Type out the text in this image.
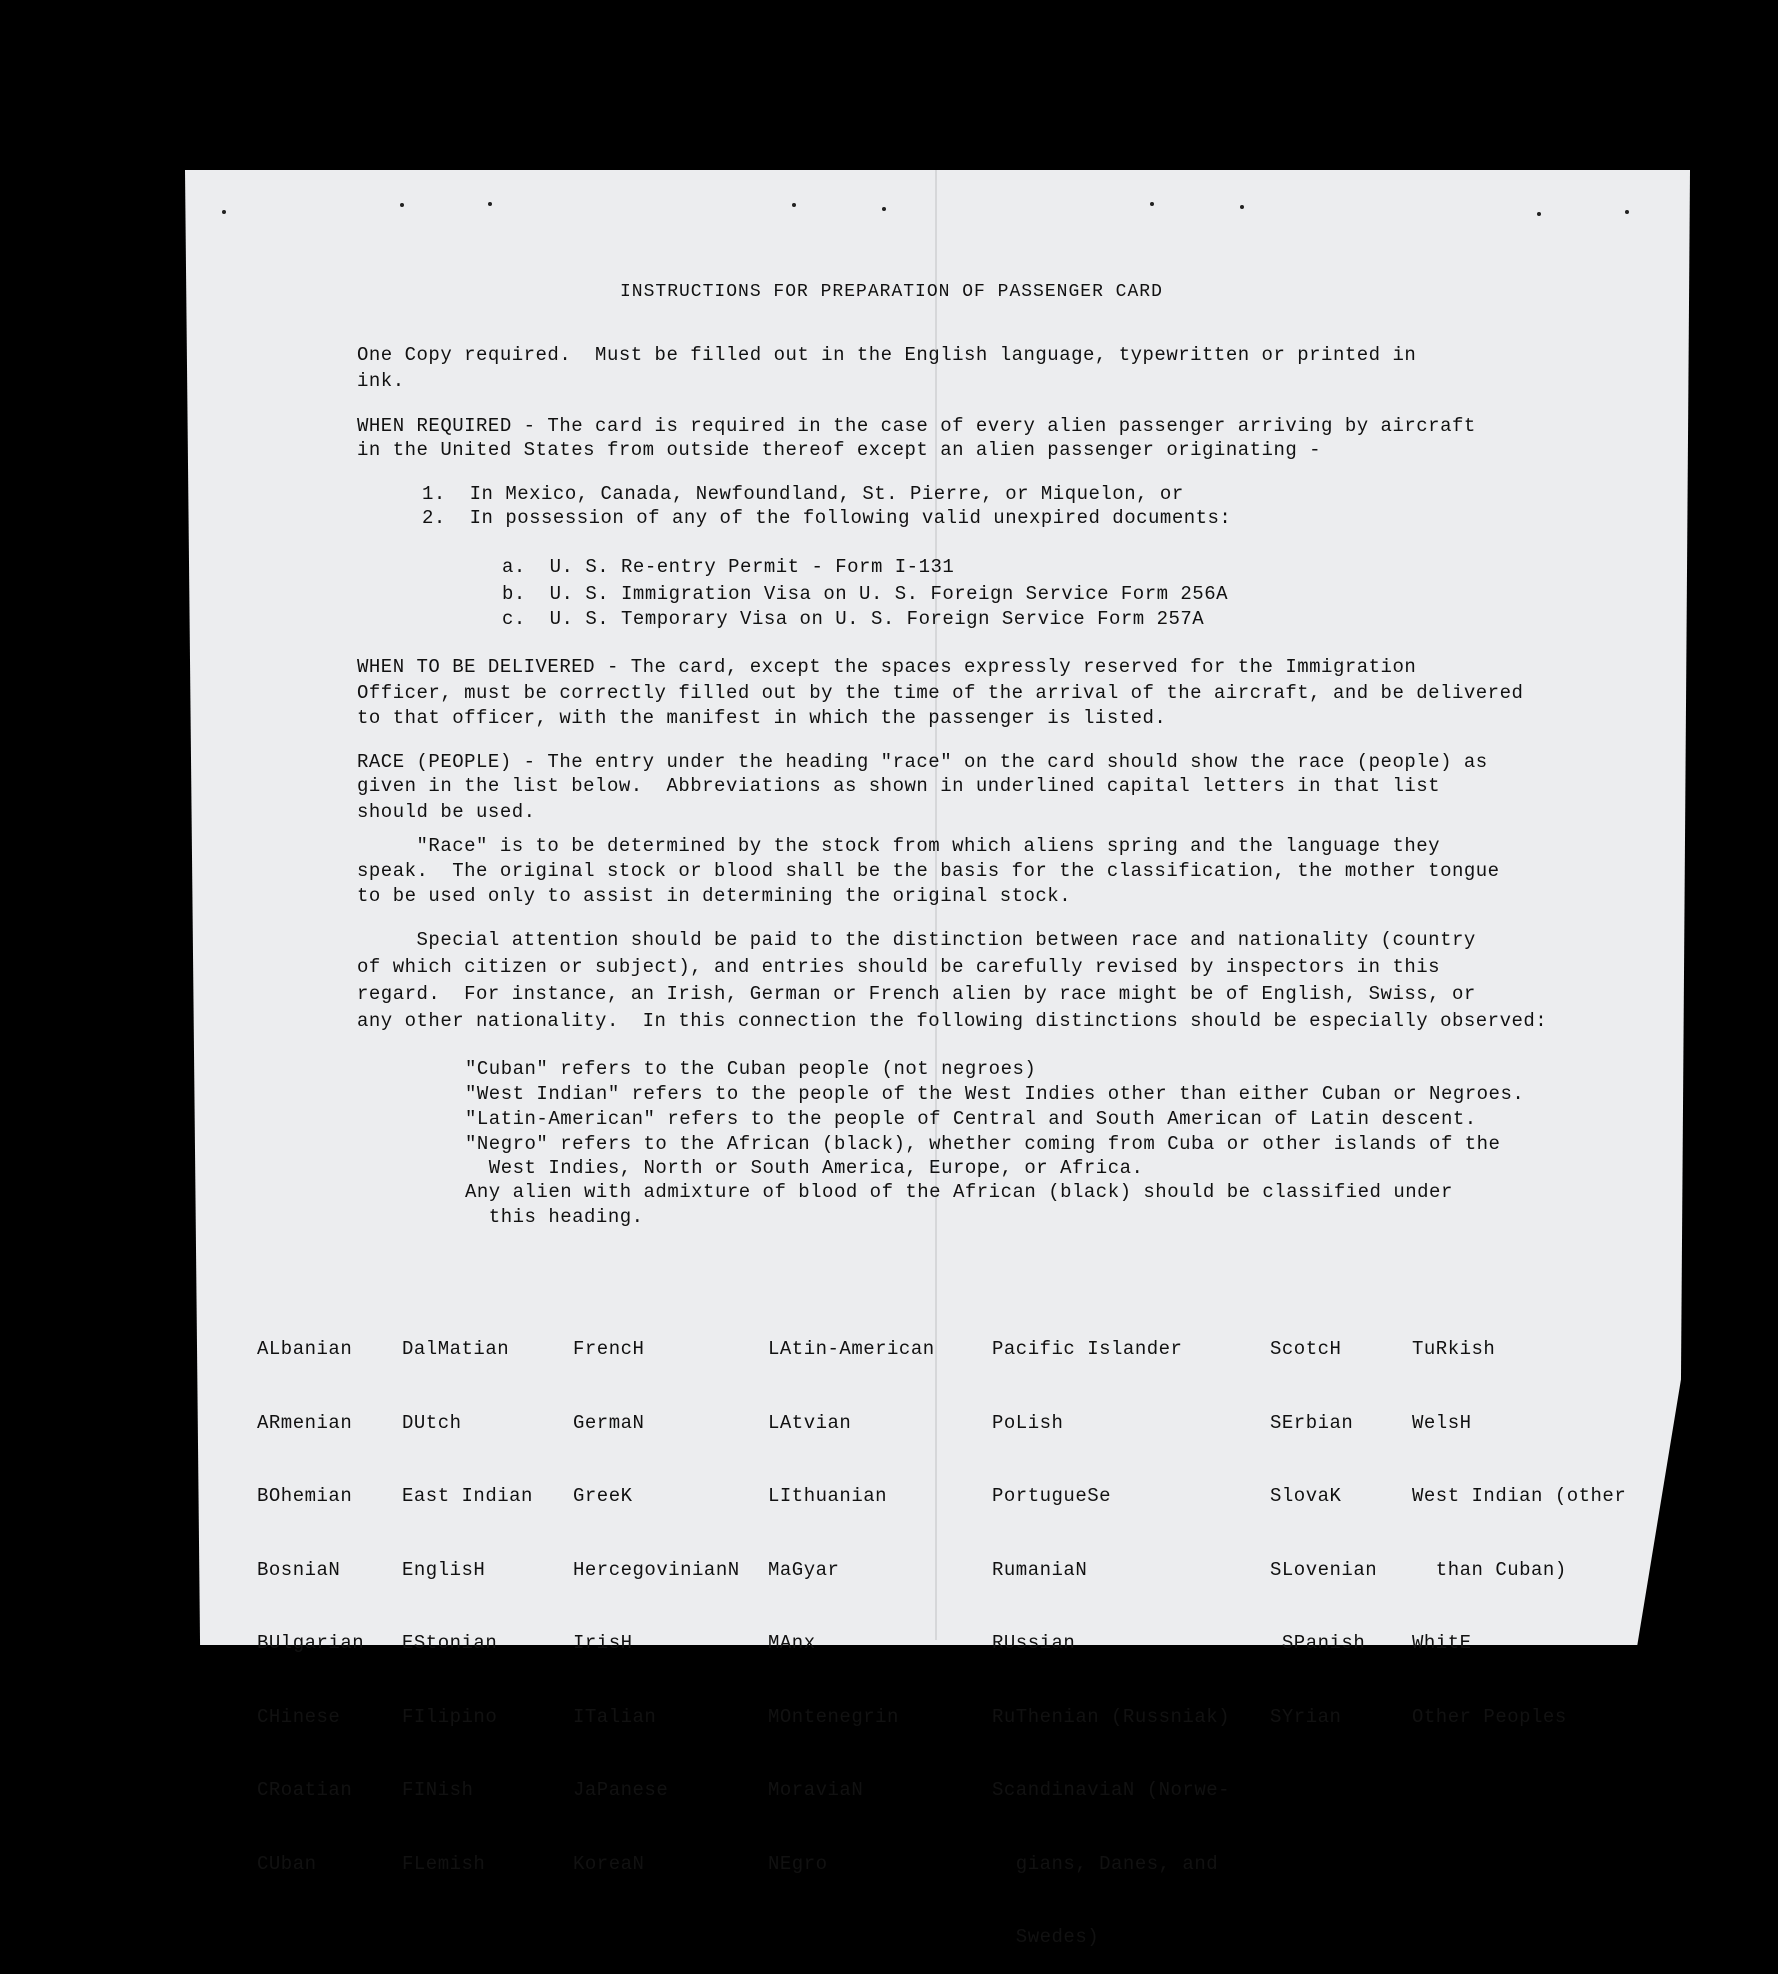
INSTRUCTIONS FOR PREPARATION OF PASSENGER CARD
One Copy required.  Must be filled out in the English language, typewritten or printed in
ink.
WHEN REQUIRED - The card is required in the case of every alien passenger arriving by aircraft
in the United States from outside thereof except an alien passenger originating -
1.  In Mexico, Canada, Newfoundland, St. Pierre, or Miquelon, or
2.  In possession of any of the following valid unexpired documents:
a.  U. S. Re-entry Permit - Form I-131
b.  U. S. Immigration Visa on U. S. Foreign Service Form 256A
c.  U. S. Temporary Visa on U. S. Foreign Service Form 257A
WHEN TO BE DELIVERED - The card, except the spaces expressly reserved for the Immigration
Officer, must be correctly filled out by the time of the arrival of the aircraft, and be delivered
to that officer, with the manifest in which the passenger is listed.
RACE (PEOPLE) - The entry under the heading "race" on the card should show the race (people) as
given in the list below.  Abbreviations as shown in underlined capital letters in that list
should be used.
"Race" is to be determined by the stock from which aliens spring and the language they
speak.  The original stock or blood shall be the basis for the classification, the mother tongue
to be used only to assist in determining the original stock.
Special attention should be paid to the distinction between race and nationality (country
of which citizen or subject), and entries should be carefully revised by inspectors in this
regard.  For instance, an Irish, German or French alien by race might be of English, Swiss, or
any other nationality.  In this connection the following distinctions should be especially observed:
"Cuban" refers to the Cuban people (not negroes)
"West Indian" refers to the people of the West Indies other than either Cuban or Negroes.
"Latin-American" refers to the people of Central and South American of Latin descent.
"Negro" refers to the African (black), whether coming from Cuba or other islands of the
West Indies, North or South America, Europe, or Africa.
Any alien with admixture of blood of the African (black) should be classified under
this heading.

ALbanian

ARmenian

BOhemian

BosniaN

BUlgarian

CHinese

CRoatian

CUban

DalMatian

DUtch

East Indian

EnglisH

EStonian

FIlipino

FINish

FLemish

FrencH

GermaN

GreeK

HercegovinianN

IrisH

ITalian

JaPanese

KoreaN

LAtin-American

LAtvian

LIthuanian

MaGyar

MAnx

MOntenegrin

MoraviaN

NEgro

Pacific Islander

PoLish

PortugueSe

RumaniaN

RUssian

RuThenian (Russniak)

ScandinaviaN (Norwe-

gians, Danes, and

Swedes)

ScotcH

SErbian

SlovaK

SLovenian

SPanish

SYrian

TuRkish

WelsH

West Indian (other

than Cuban)

WhitE

Other Peoples
